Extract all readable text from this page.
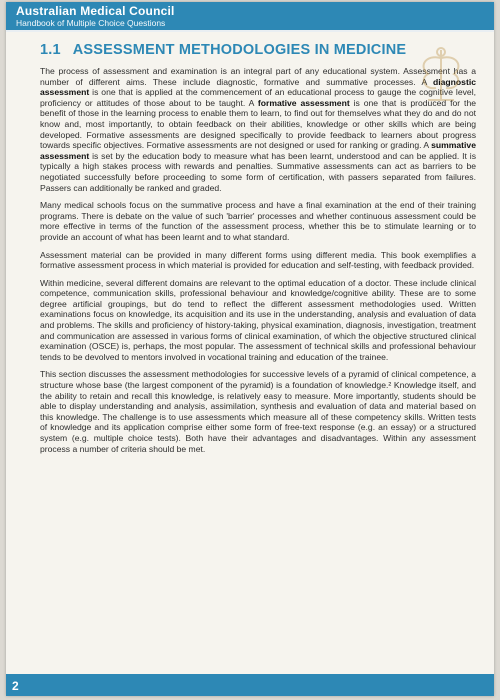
Australian Medical Council
Handbook of Multiple Choice Questions
1.1 ASSESSMENT METHODOLOGIES IN MEDICINE

The process of assessment and examination is an integral part of any educational system. Assessment has a number of different aims. These include diagnostic, formative and summative processes. A diagnostic assessment is one that is applied at the commencement of an educational process to gauge the cognitive level, proficiency or attitudes of those about to be taught. A formative assessment is one that is produced for the benefit of those in the learning process to enable them to learn, to find out for themselves what they do and do not know and, most importantly, to obtain feedback on their abilities, knowledge or other skills which are being developed. Formative assessments are designed specifically to provide feedback to learners about progress towards specific objectives. Formative assessments are not designed or used for ranking or grading. A summative assessment is set by the education body to measure what has been learnt, understood and can be applied. It is typically a high stakes process with rewards and penalties. Summative assessments can act as barriers to be negotiated successfully before proceeding to some form of certification, with passers separated from failures. Passers can additionally be ranked and graded.

Many medical schools focus on the summative process and have a final examination at the end of their training programs. There is debate on the value of such 'barrier' processes and whether continuous assessment could be more effective in terms of the function of the assessment process, whether this be to stimulate learning or to provide an account of what has been learnt and to what standard.

Assessment material can be provided in many different forms using different media. This book exemplifies a formative assessment process in which material is provided for education and self-testing, with feedback provided.

Within medicine, several different domains are relevant to the optimal education of a doctor. These include clinical competence, communication skills, professional behaviour and knowledge/cognitive ability. These are to some degree artificial groupings, but do tend to reflect the different assessment methodologies used. Written examinations focus on knowledge, its acquisition and its use in the understanding, analysis and evaluation of data and problems. The skills and proficiency of history-taking, physical examination, diagnosis, investigation, treatment and communication are assessed in various forms of clinical examination, of which the objective structured clinical examination (OSCE) is, perhaps, the most popular. The assessment of technical skills and professional behaviour tends to be devolved to mentors involved in vocational training and education of the trainee.

This section discusses the assessment methodologies for successive levels of a pyramid of clinical competence, a structure whose base (the largest component of the pyramid) is a foundation of knowledge.² Knowledge itself, and the ability to retain and recall this knowledge, is relatively easy to measure. More importantly, students should be able to display understanding and analysis, assimilation, synthesis and evaluation of data and material based on this knowledge. The challenge is to use assessments which measure all of these competency skills. Written tests of knowledge and its application comprise either some form of free-text response (e.g. an essay) or a structured system (e.g. multiple choice tests). Both have their advantages and disadvantages. Within any assessment process a number of criteria should be met.

2
